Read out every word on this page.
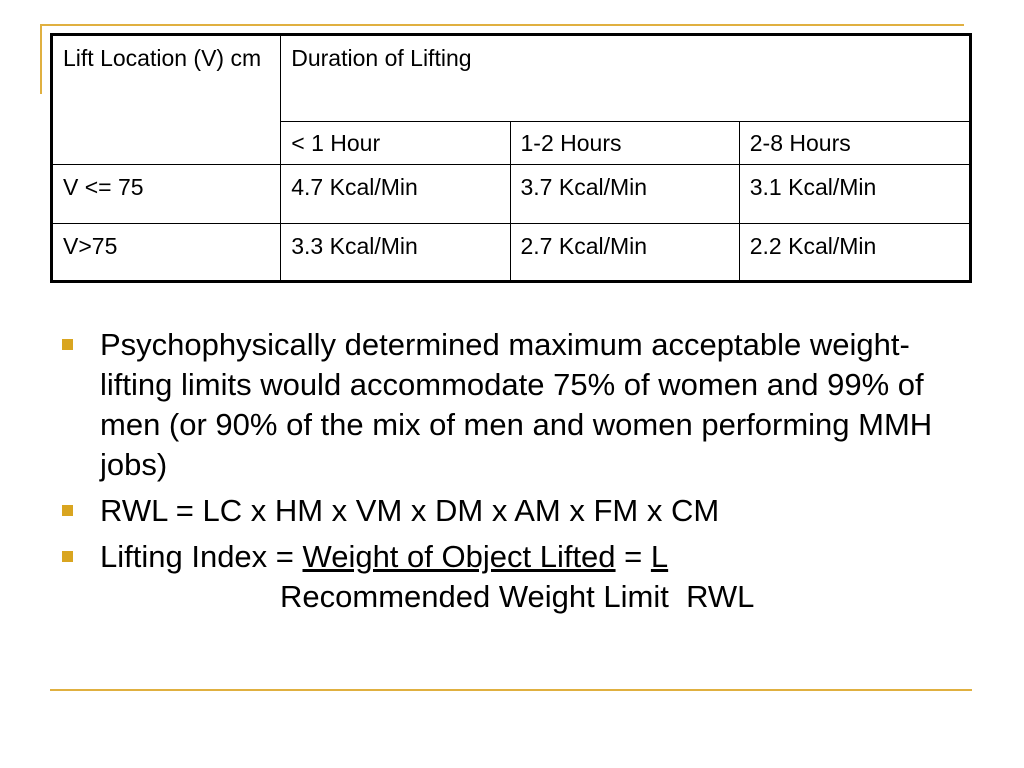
Lift Location (V) cm	Duration of Lifting		
	< 1 Hour	1-2 Hours	2-8 Hours
V <= 75	4.7 Kcal/Min	3.7 Kcal/Min	3.1 Kcal/Min
V>75	3.3 Kcal/Min	2.7 Kcal/Min	2.2 Kcal/Min
Psychophysically determined maximum acceptable weight-lifting limits would accommodate 75% of women and 99% of men (or 90% of the mix of men and women performing MMH jobs)
RWL = LC x HM x VM x DM x AM x FM x CM
Lifting Index = Weight of Object Lifted = L
Recommended Weight Limit RWL
